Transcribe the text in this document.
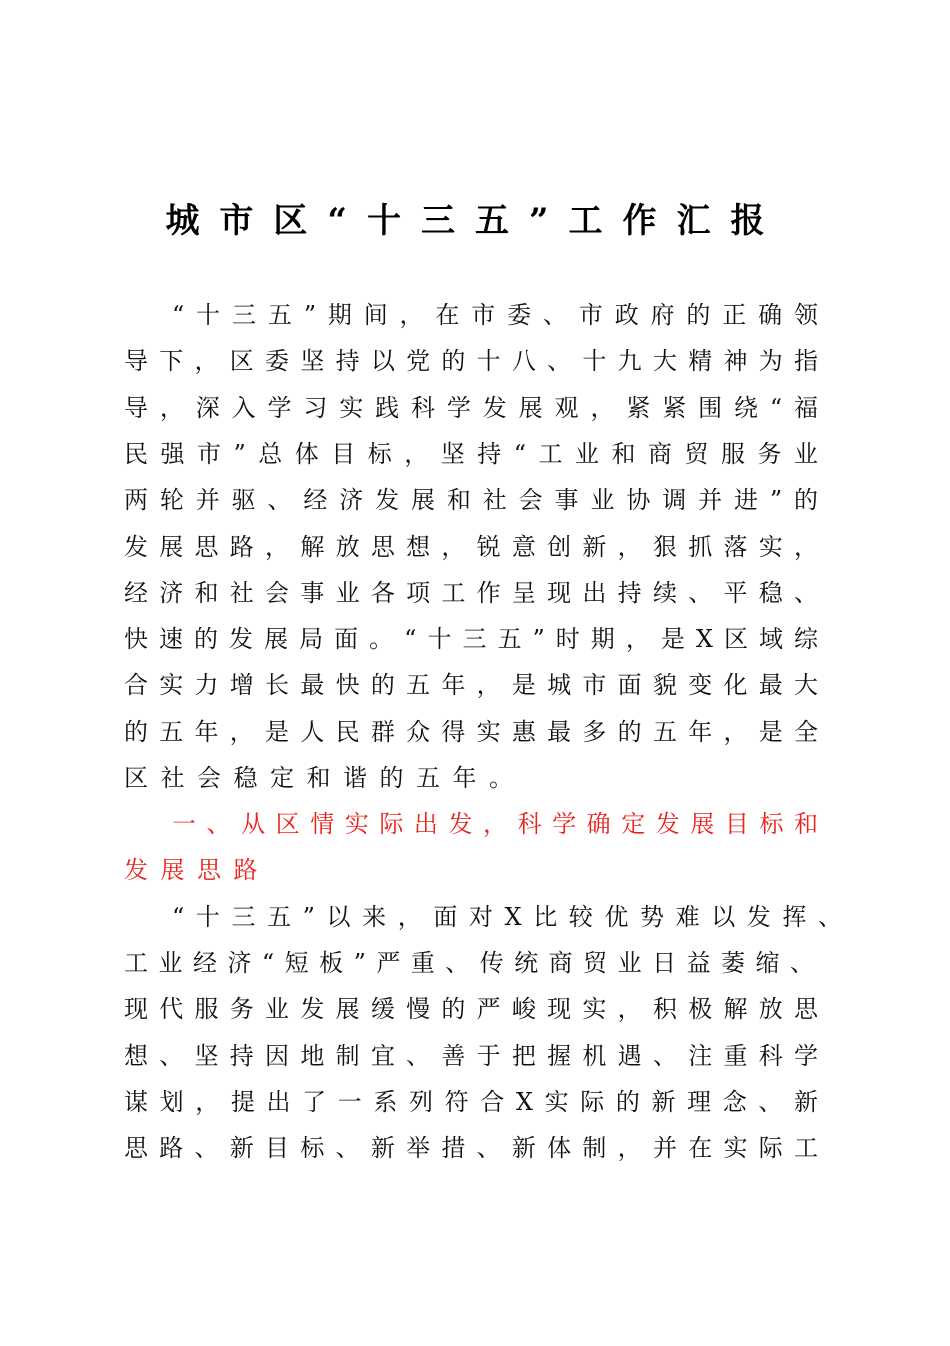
城市区“十三五”工作汇报
“十三五”期间，在市委、市政府的正确领
导下，区委坚持以党的十八、十九大精神为指
导，深入学习实践科学发展观，紧紧围绕“福
民强市”总体目标，坚持“工业和商贸服务业
两轮并驱、经济发展和社会事业协调并进”的
发展思路，解放思想，锐意创新，狠抓落实，
经济和社会事业各项工作呈现出持续、平稳、
快速的发展局面。“十三五”时期，是X区域综
合实力增长最快的五年，是城市面貌变化最大
的五年，是人民群众得实惠最多的五年，是全
区社会稳定和谐的五年。
一、从区情实际出发，科学确定发展目标和
发展思路
“十三五”以来，面对X比较优势难以发挥、
工业经济“短板”严重、传统商贸业日益萎缩、
现代服务业发展缓慢的严峻现实，积极解放思
想、坚持因地制宜、善于把握机遇、注重科学
谋划，提出了一系列符合X实际的新理念、新
思路、新目标、新举措、新体制，并在实际工
